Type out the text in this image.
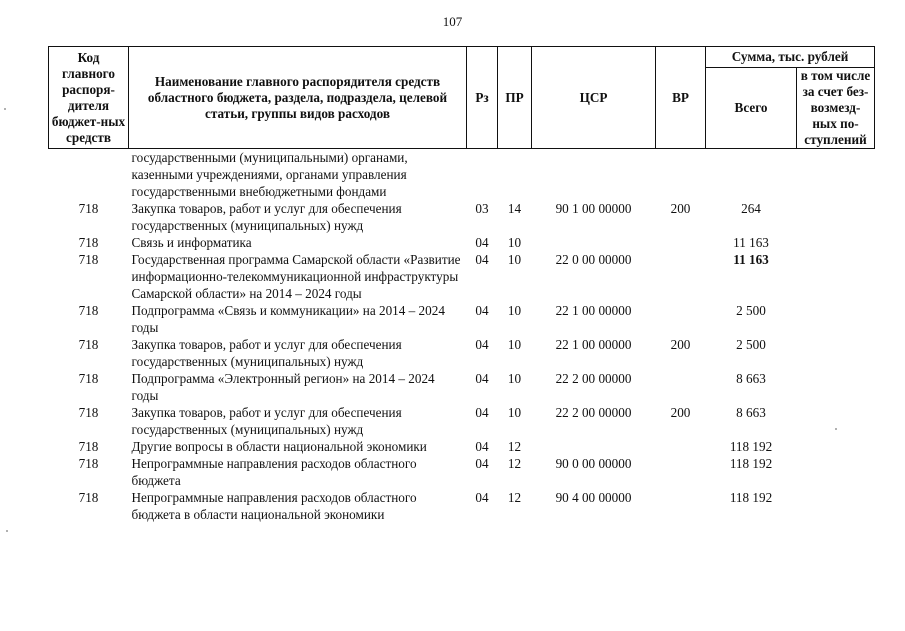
107
Код главного распоря-дителя бюджет-ных средств	Наименование главного распорядителя средств областного бюджета, раздела, подраздела, целевой статьи, группы видов расходов	Рз	ПР	ЦСР	ВР	Сумма, тыс. рублей	
						Всего	в том числе за счет без-возмезд-ных по-ступлений
	государственными (муниципальными) органами, казенными учреждениями, органами управления государственными внебюджетными фондами						
718	Закупка товаров, работ и услуг для обеспечения государственных (муниципальных) нужд	03	14	90 1 00 00000	200	264	
718	Связь и информатика	04	10			11 163	
718	Государственная программа Самарской области «Развитие информационно-телекоммуникационной инфраструктуры Самарской области» на 2014 – 2024 годы	04	10	22 0 00 00000		11 163	
718	Подпрограмма «Связь и коммуникации» на 2014 – 2024 годы	04	10	22 1 00 00000		2 500	
718	Закупка товаров, работ и услуг для обеспечения государственных (муниципальных) нужд	04	10	22 1 00 00000	200	2 500	
718	Подпрограмма «Электронный регион» на 2014 – 2024 годы	04	10	22 2 00 00000		8 663	
718	Закупка товаров, работ и услуг для обеспечения государственных (муниципальных) нужд	04	10	22 2 00 00000	200	8 663	
718	Другие вопросы в области национальной экономики	04	12			118 192	
718	Непрограммные направления расходов областного бюджета	04	12	90 0 00 00000		118 192	
718	Непрограммные направления расходов областного бюджета в области национальной экономики	04	12	90 4 00 00000		118 192	
